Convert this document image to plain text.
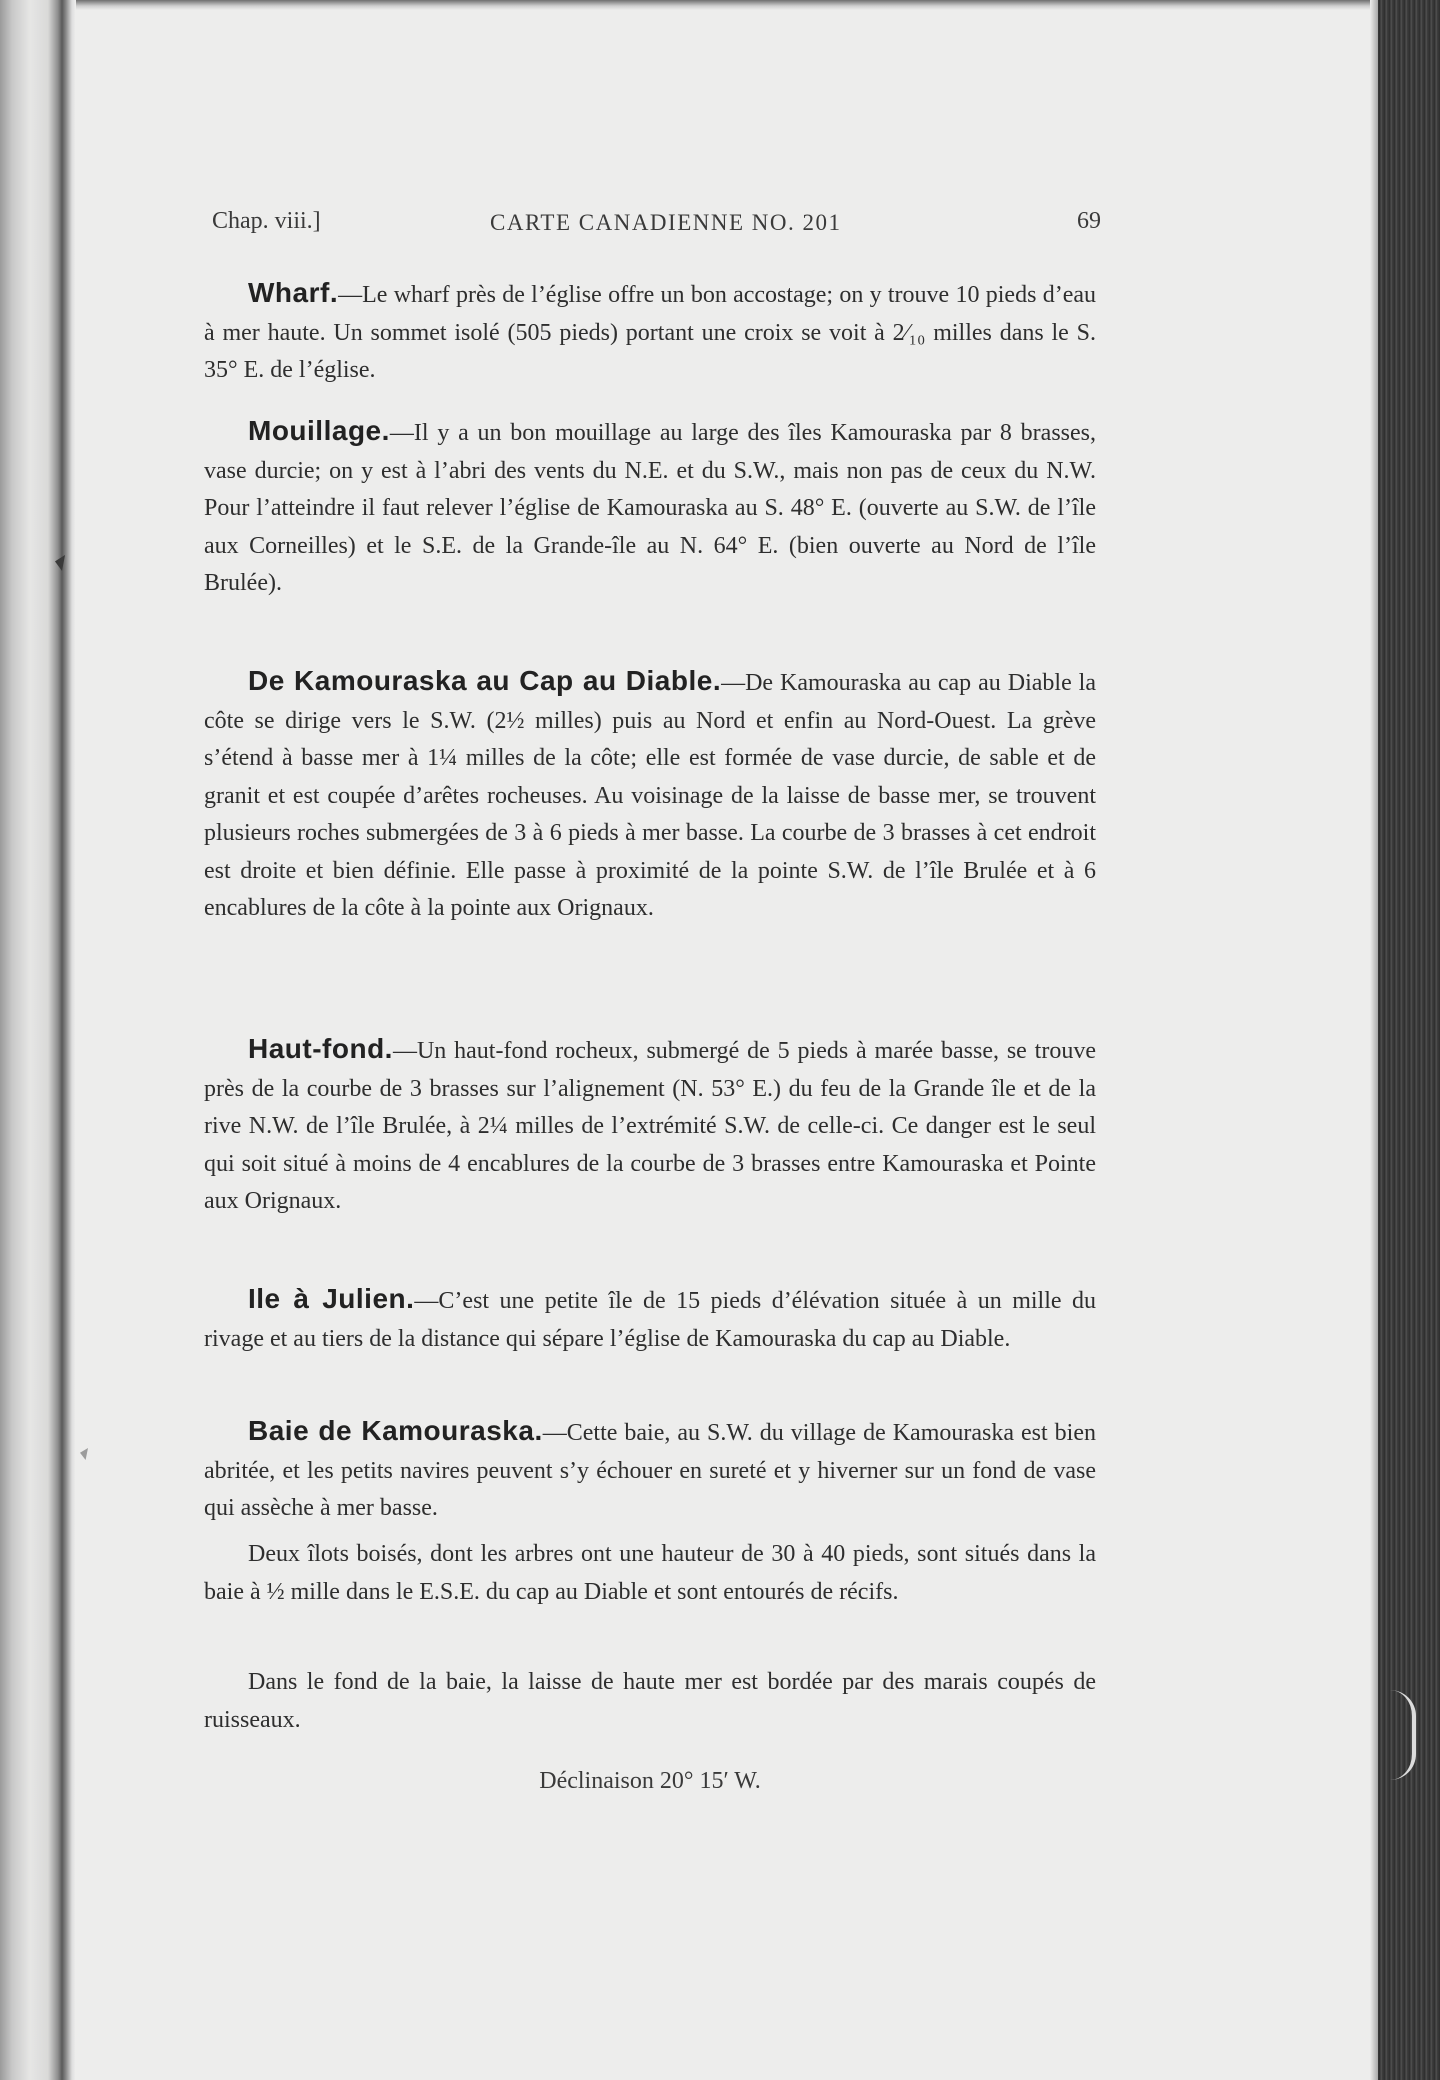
Chap. viii.]	CARTE CANADIENNE NO. 201	69

Wharf.—Le wharf près de l’église offre un bon accostage; on y trouve 10 pieds d’eau à mer haute. Un sommet isolé (505 pieds) portant une croix se voit à 2⁄₁₀ milles dans le S. 35° E. de l’église.

Mouillage.—Il y a un bon mouillage au large des îles Kamouraska par 8 brasses, vase durcie; on y est à l’abri des vents du N.E. et du S.W., mais non pas de ceux du N.W. Pour l’atteindre il faut relever l’église de Kamouraska au S. 48° E. (ouverte au S.W. de l’île aux Corneilles) et le S.E. de la Grande-île au N. 64° E. (bien ouverte au Nord de l’île Brulée).

De Kamouraska au Cap au Diable.—De Kamouraska au cap au Diable la côte se dirige vers le S.W. (2½ milles) puis au Nord et enfin au Nord-Ouest. La grève s’étend à basse mer à 1¼ milles de la côte; elle est formée de vase durcie, de sable et de granit et est coupée d’arêtes rocheuses. Au voisinage de la laisse de basse mer, se trouvent plusieurs roches submergées de 3 à 6 pieds à mer basse. La courbe de 3 brasses à cet endroit est droite et bien définie. Elle passe à proximité de la pointe S.W. de l’île Brulée et à 6 encablures de la côte à la pointe aux Orignaux.

Haut-fond.—Un haut-fond rocheux, submergé de 5 pieds à marée basse, se trouve près de la courbe de 3 brasses sur l’alignement (N. 53° E.) du feu de la Grande île et de la rive N.W. de l’île Brulée, à 2¼ milles de l’extrémité S.W. de celle-ci. Ce danger est le seul qui soit situé à moins de 4 encablures de la courbe de 3 brasses entre Kamouraska et Pointe aux Orignaux.

Ile à Julien.—C’est une petite île de 15 pieds d’élévation située à un mille du rivage et au tiers de la distance qui sépare l’église de Kamouraska du cap au Diable.

Baie de Kamouraska.—Cette baie, au S.W. du village de Kamouraska est bien abritée, et les petits navires peuvent s’y échouer en sureté et y hiverner sur un fond de vase qui assèche à mer basse.

Deux îlots boisés, dont les arbres ont une hauteur de 30 à 40 pieds, sont situés dans la baie à ½ mille dans le E.S.E. du cap au Diable et sont entourés de récifs.

Dans le fond de la baie, la laisse de haute mer est bordée par des marais coupés de ruisseaux.

Déclinaison 20° 15′ W.
